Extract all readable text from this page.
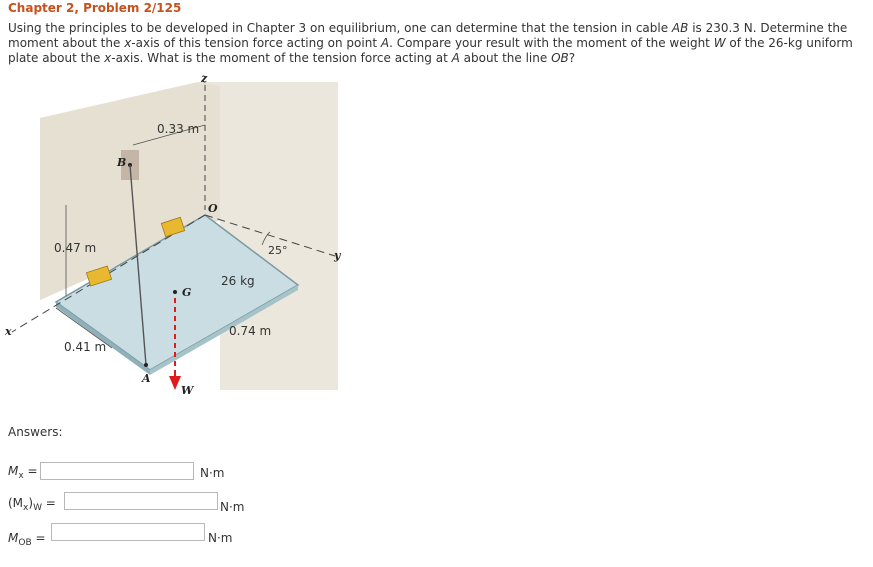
Chapter 2, Problem 2/125
Using the principles to be developed in Chapter 3 on equilibrium, one can determine that the tension in cable AB is 230.3 N. Determine the moment about the x-axis of this tension force acting on point A. Compare your result with the moment of the weight W of the 26-kg uniform plate about the x-axis. What is the moment of the tension force acting at A about the line OB?
z
y
x
B
O
G
A
W
0.33 m
0.47 m
0.41 m
0.74 m
26 kg
25°
Answers:
$M_x$ =	N·m
$(M_x)_W$ =	N·m
$M_{OB}$ =	N·m
